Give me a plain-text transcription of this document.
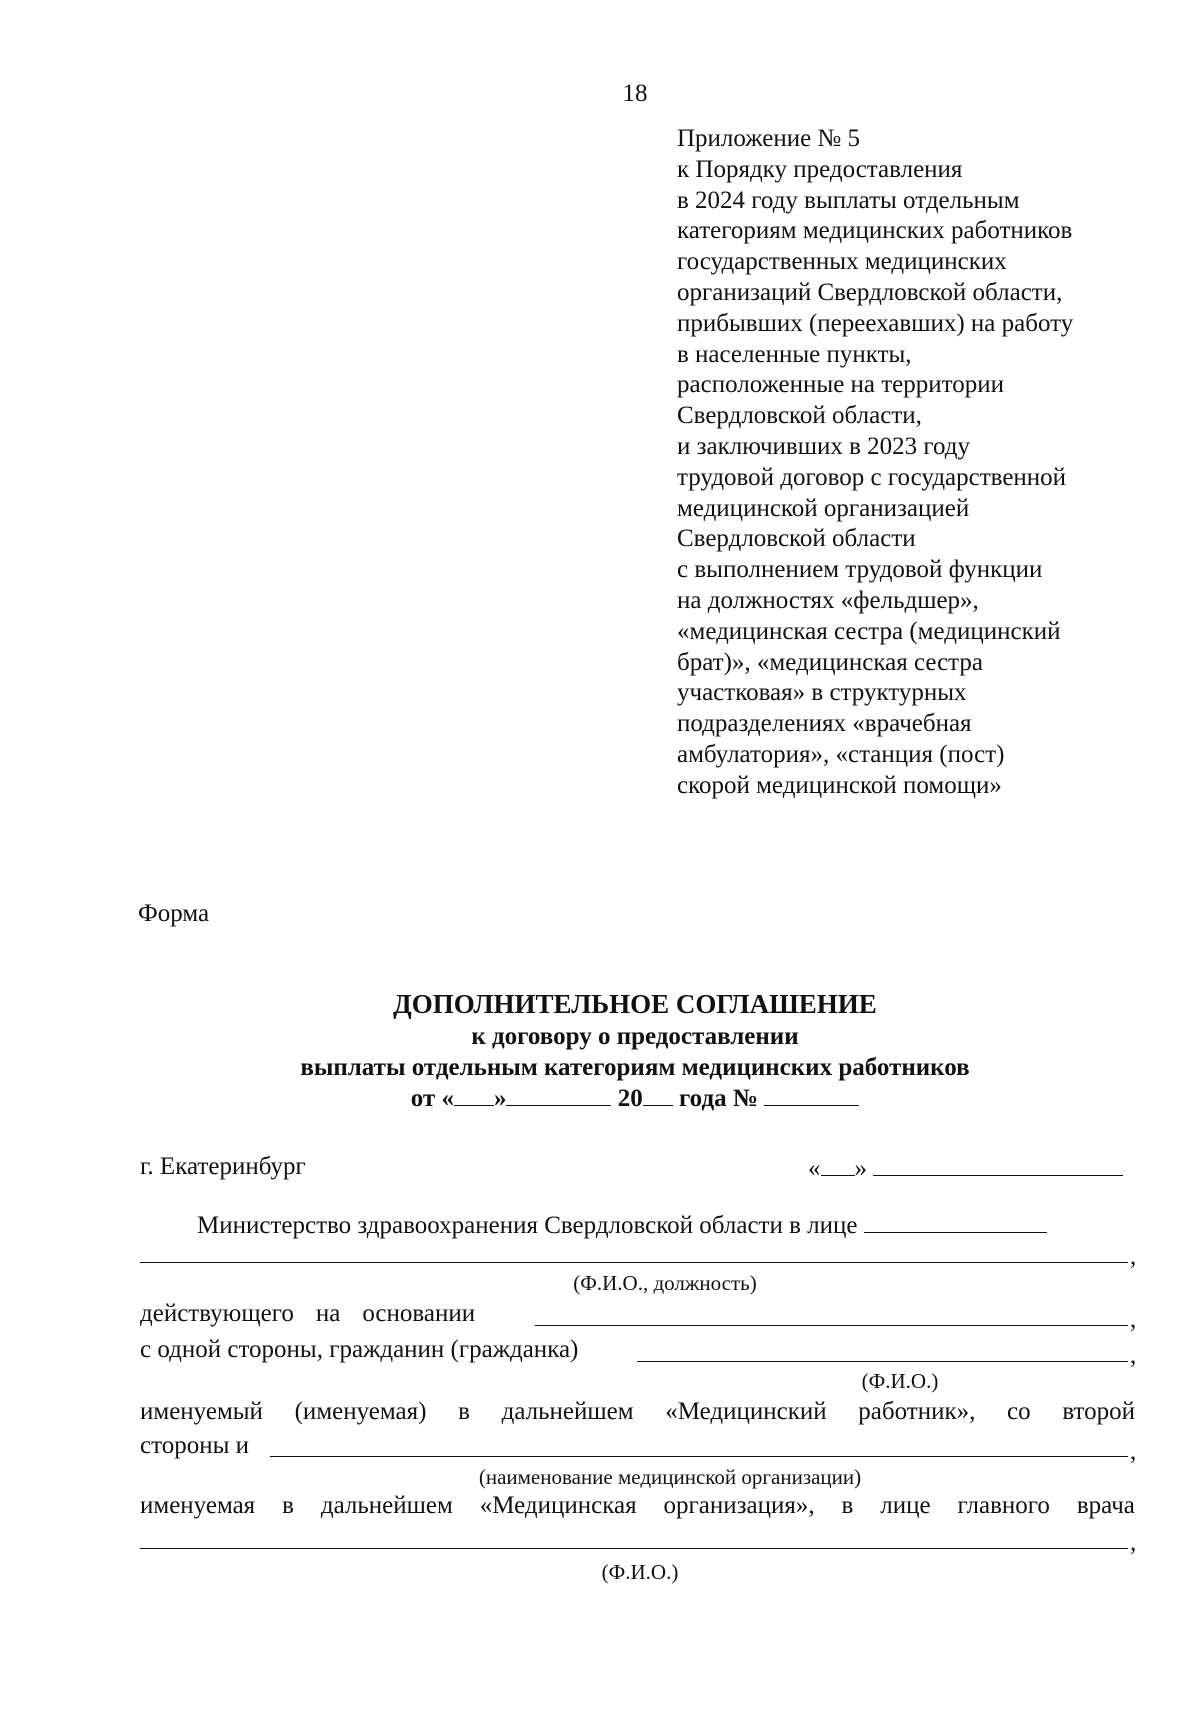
18
Приложение № 5
к Порядку предоставления
в 2024 году выплаты отдельным
категориям медицинских работников
государственных медицинских
организаций Свердловской области,
прибывших (переехавших) на работу
в населенные пункты,
расположенные на территории
Свердловской области,
и заключивших в 2023 году
трудовой договор с государственной
медицинской организацией
Свердловской области
с выполнением трудовой функции
на должностях «фельдшер»,
«медицинская сестра (медицинский
брат)», «медицинская сестра
участковая» в структурных
подразделениях «врачебная
амбулатория», «станция (пост)
скорой медицинской помощи»
Форма
ДОПОЛНИТЕЛЬНОЕ СОГЛАШЕНИЕ
к договору о предоставлении
выплаты отдельным категориям медицинских работников
от « »	20 года №
г. Екатеринбург	« »
Министерство здравоохранения Свердловской области в лице
,
(Ф.И.О., должность)
действующего на основании	,
с одной стороны, гражданин (гражданка)	,
(Ф.И.О.)
именуемый (именуемая) в дальнейшем «Медицинский работник», со второй
стороны и	,
(наименование медицинской организации)
именуемая в дальнейшем «Медицинская организация», в лице главного врача
,
(Ф.И.О.)
